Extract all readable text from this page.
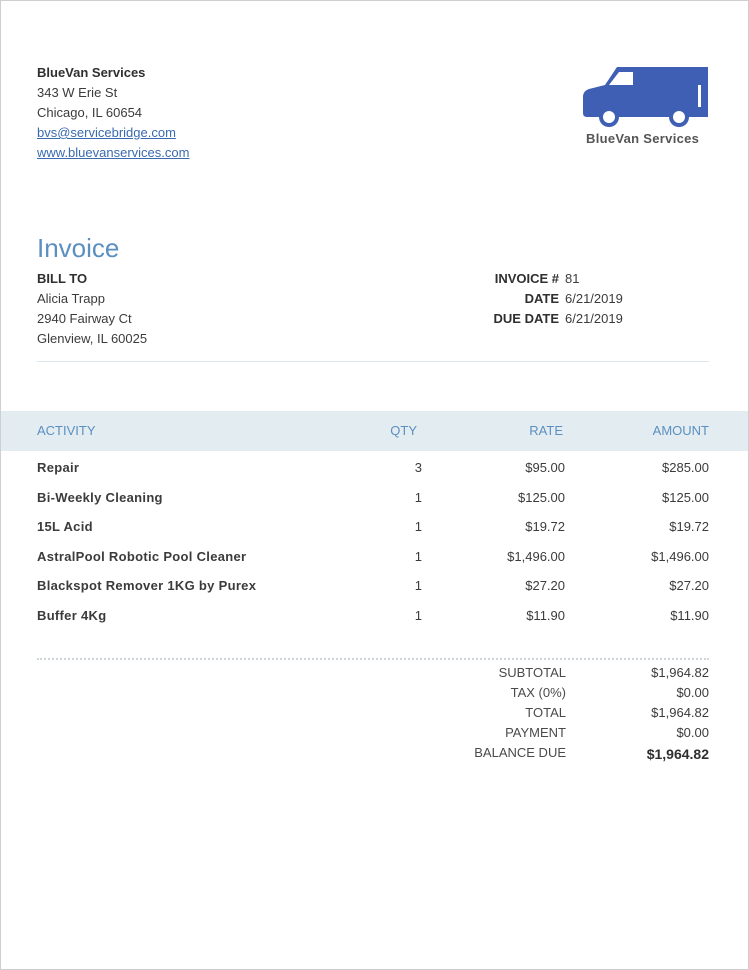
BlueVan Services
343 W Erie St
Chicago, IL 60654
bvs@servicebridge.com
www.bluevanservices.com
BlueVan Services
Invoice
BILL TO
Alicia Trapp
2940 Fairway Ct
Glenview, IL 60025
INVOICE # 81
DATE 6/21/2019
DUE DATE 6/21/2019
ACTIVITY	QTY	RATE	AMOUNT
Repair	3	$95.00	$285.00
Bi-Weekly Cleaning	1	$125.00	$125.00
15L Acid	1	$19.72	$19.72
AstralPool Robotic Pool Cleaner	1	$1,496.00	$1,496.00
Blackspot Remover 1KG by Purex	1	$27.20	$27.20
Buffer 4Kg	1	$11.90	$11.90
SUBTOTAL	$1,964.82
TAX (0%)	$0.00
TOTAL	$1,964.82
PAYMENT	$0.00
BALANCE DUE	$1,964.82
